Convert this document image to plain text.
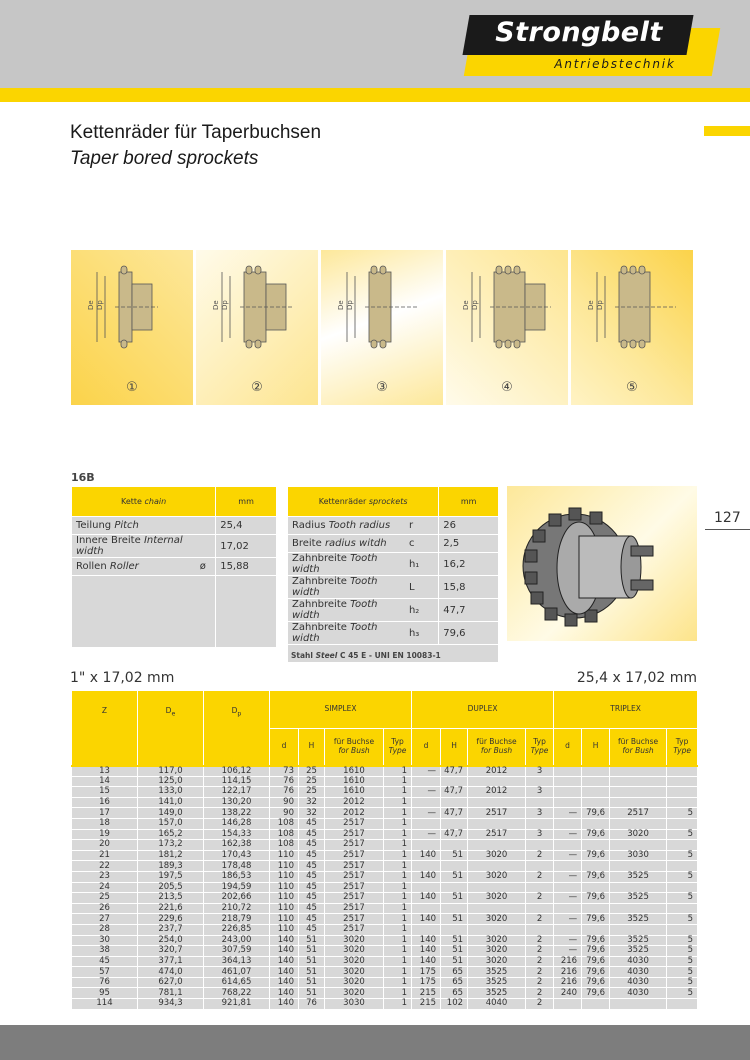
Strongbelt
Antriebstechnik
Kettenräder für Taperbuchsen
Taper bored sprockets
De Dp
①
De Dp
②
De Dp
③
De Dp
④
De Dp
⑤
16B
Kette chain		mm
Teilung Pitch		25,4
Innere Breite Internal width		17,02
Rollen Roller	ø	15,88

Kettenräder sprockets		mm
Radius Tooth radius	r	26
Breite radius witdh	c	2,5
Zahnbreite Tooth width	h₁	16,2
Zahnbreite Tooth width	L	15,8
Zahnbreite Tooth width	h₂	47,7
Zahnbreite Tooth width	h₃	79,6

Stahl Steel C 45 E - UNI EN 10083-1
127
1" x 17,02 mm	25,4 x 17,02 mm
Z	$D_e$	$D_p$	SIMPLEX				DUPLEX				TRIPLEX			
			d	H	für Buchse
for Bush	Typ
Type	d	H	für Buchse
for Bush	Typ
Type	d	H	für Buchse
for Bush	Typ
Type
13	117,0	106,12	73	25	1610	1	—	47,7	2012	3				
14	125,0	114,15	76	25	1610	1								
15	133,0	122,17	76	25	1610	1	—	47,7	2012	3				
16	141,0	130,20	90	32	2012	1								
17	149,0	138,22	90	32	2012	1	—	47,7	2517	3	—	79,6	2517	5
18	157,0	146,28	108	45	2517	1								
19	165,2	154,33	108	45	2517	1	—	47,7	2517	3	—	79,6	3020	5
20	173,2	162,38	108	45	2517	1								
21	181,2	170,43	110	45	2517	1	140	51	3020	2	—	79,6	3030	5
22	189,3	178,48	110	45	2517	1								
23	197,5	186,53	110	45	2517	1	140	51	3020	2	—	79,6	3525	5
24	205,5	194,59	110	45	2517	1								
25	213,5	202,66	110	45	2517	1	140	51	3020	2	—	79,6	3525	5
26	221,6	210,72	110	45	2517	1								
27	229,6	218,79	110	45	2517	1	140	51	3020	2	—	79,6	3525	5
28	237,7	226,85	110	45	2517	1								
30	254,0	243,00	140	51	3020	1	140	51	3020	2	—	79,6	3525	5
38	320,7	307,59	140	51	3020	1	140	51	3020	2	—	79,6	3525	5
45	377,1	364,13	140	51	3020	1	140	51	3020	2	216	79,6	4030	5
57	474,0	461,07	140	51	3020	1	175	65	3525	2	216	79,6	4030	5
76	627,0	614,65	140	51	3020	1	175	65	3525	2	216	79,6	4030	5
95	781,1	768,22	140	51	3020	1	215	65	3525	2	240	79,6	4030	5
114	934,3	921,81	140	76	3030	1	215	102	4040	2				
